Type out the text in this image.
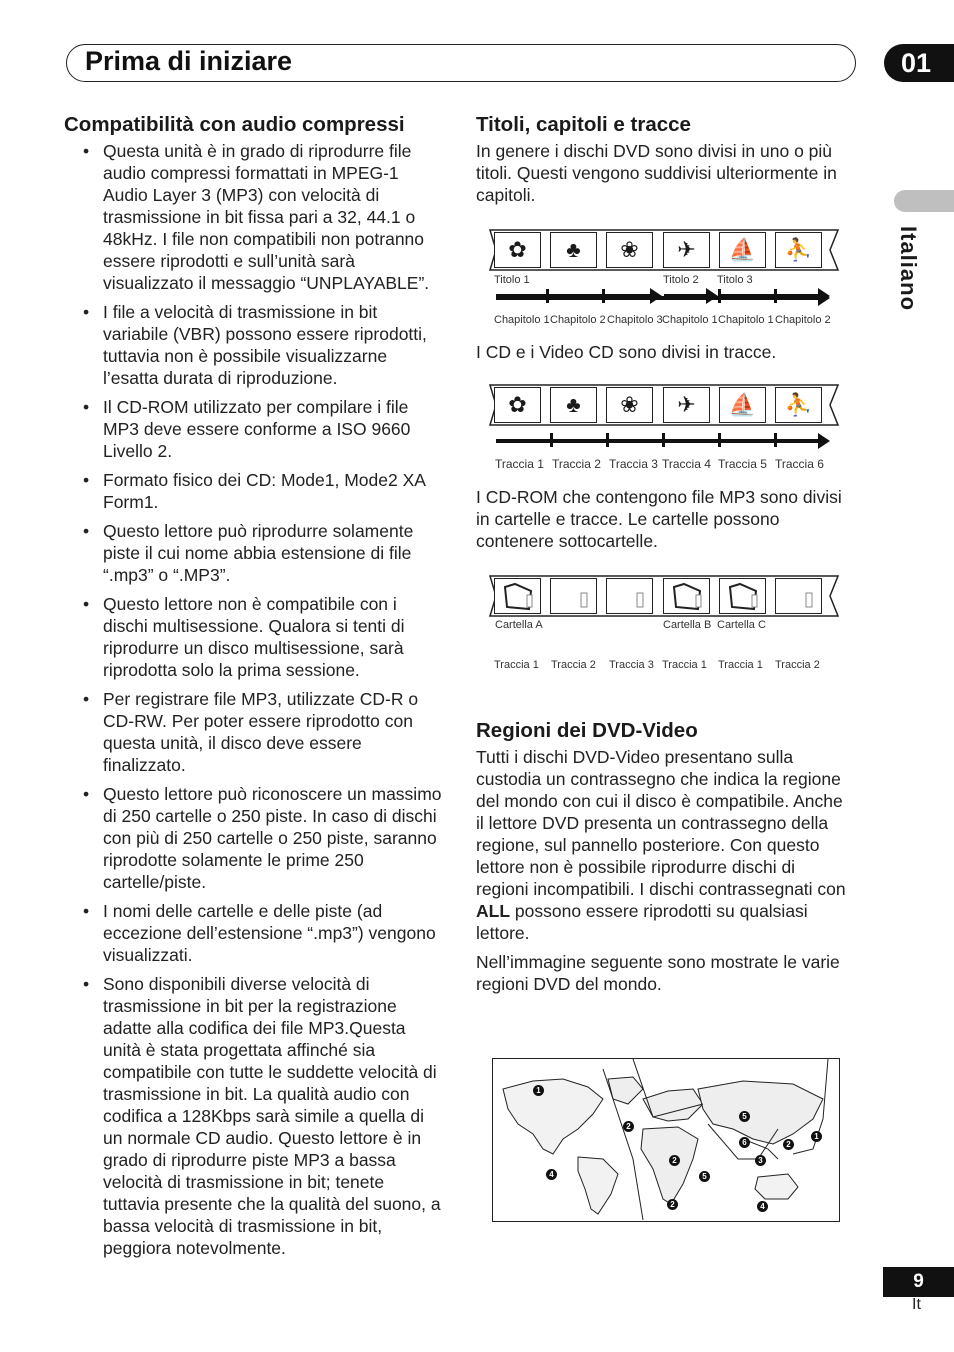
Prima di iniziare	01
Italiano
Compatibilità con audio compressi
• Questa unità è in grado di riprodurre file audio compressi formattati in MPEG-1 Audio Layer 3 (MP3) con velocità di trasmissione in bit fissa pari a 32, 44.1 o 48kHz. I file non compatibili non potranno essere riprodotti e sull’unità sarà visualizzato il messaggio “UNPLAYABLE”.
• I file a velocità di trasmissione in bit variabile (VBR) possono essere riprodotti, tuttavia non è possibile visualizzarne l’esatta durata di riproduzione.
• Il CD-ROM utilizzato per compilare i file MP3 deve essere conforme a ISO 9660 Livello 2.
• Formato fisico dei CD: Mode1, Mode2 XA Form1.
• Questo lettore può riprodurre solamente piste il cui nome abbia estensione di file “.mp3” o “.MP3”.
• Questo lettore non è compatibile con i dischi multisessione. Qualora si tenti di riprodurre un disco multisessione, sarà riprodotta solo la prima sessione.
• Per registrare file MP3, utilizzate CD-R o CD-RW. Per poter essere riprodotto con questa unità, il disco deve essere finalizzato.
• Questo lettore può riconoscere un massimo di 250 cartelle o 250 piste. In caso di dischi con più di 250 cartelle o 250 piste, saranno riprodotte solamente le prime 250 cartelle/piste.
• I nomi delle cartelle e delle piste (ad eccezione dell’estensione “.mp3”) vengono visualizzati.
• Sono disponibili diverse velocità di trasmissione in bit per la registrazione adatte alla codifica dei file MP3.Questa unità è stata progettata affinché sia compatibile con tutte le suddette velocità di trasmissione in bit. La qualità audio con codifica a 128Kbps sarà simile a quella di un normale CD audio. Questo lettore è in grado di riprodurre piste MP3 a bassa velocità di trasmissione in bit; tenete tuttavia presente che la qualità del suono, a bassa velocità di trasmissione in bit, peggiora notevolmente.
Titoli, capitoli e tracce

In genere i dischi DVD sono divisi in uno o più titoli. Questi vengono suddivisi ulteriormente in capitoli.

✿	♣	❀	✈	⛵	⛹
Titolo 1	Titolo 2 Titolo 3
Chapitolo 1 Chapitolo 2 Chapitolo 3 Chapitolo 1 Chapitolo 1 Chapitolo 2
I CD e i Video CD sono divisi in tracce.
✿	♣	❀	✈	⛵	⛹
Traccia 1 Traccia 2 Traccia 3 Traccia 4 Traccia 5 Traccia 6
I CD-ROM che contengono file MP3 sono divisi in cartelle e tracce. Le cartelle possono contenere sottocartelle.
Cartella A	Cartella B Cartella C
Traccia 1 Traccia 2 Traccia 3 Traccia 1 Traccia 1 Traccia 2
Regioni dei DVD-Video

Tutti i dischi DVD-Video presentano sulla custodia un contrassegno che indica la regione del mondo con cui il disco è compatibile. Anche il lettore DVD presenta un contrassegno della regione, sul pannello posteriore. Con questo lettore non è possibile riprodurre dischi di regioni incompatibili. I dischi contrassegnati con ALL possono essere riprodotti su qualsiasi lettore.

Nell’immagine seguente sono mostrate le varie regioni DVD del mondo.

1
2
4
5
2
6	2
1
3
5
2	4
9
It
